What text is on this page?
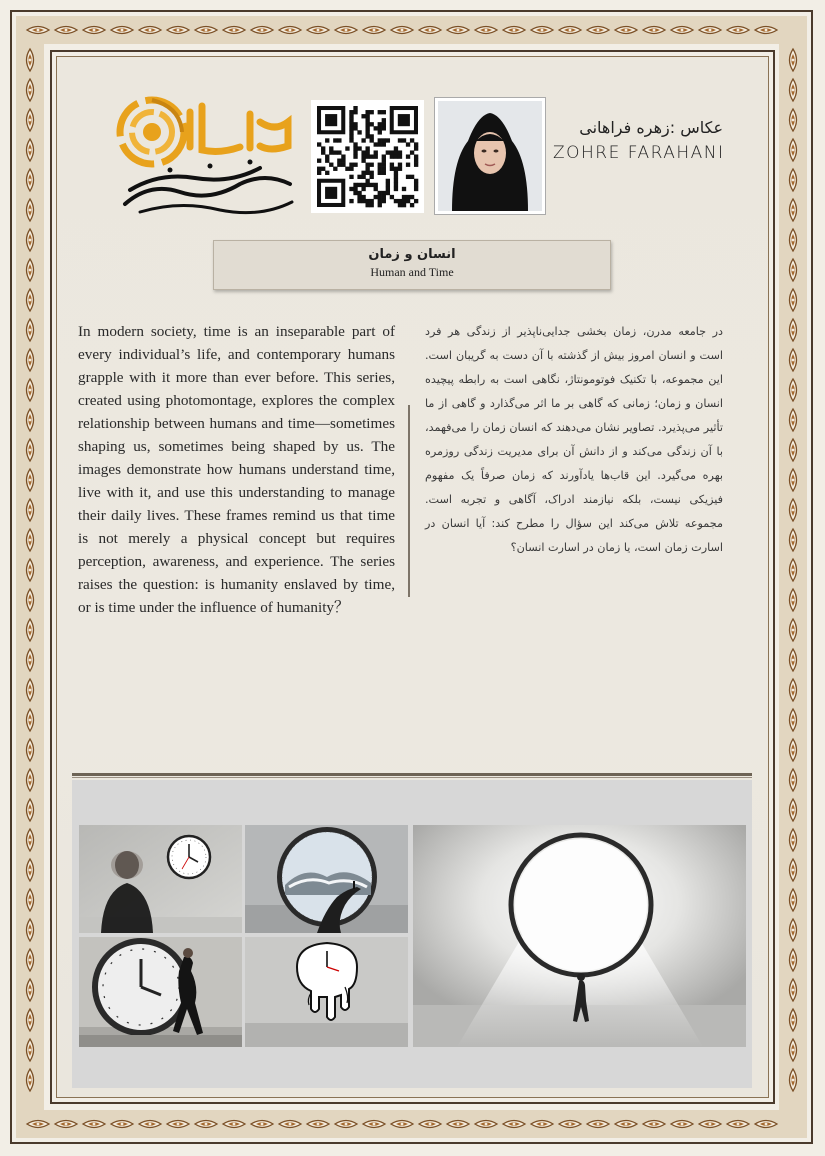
عکاس :زهره فراهانی
ZOHRE FARAHANI
انسان و زمان
Human and Time
In modern society, time is an inseparable part of every individual’s life, and contemporary humans grapple with it more than ever before. This series, created using photomontage, explores the complex relationship between humans and time—sometimes shaping us, sometimes being shaped by us. The images demonstrate how humans understand time, live with it, and use this understanding to manage their daily lives. These frames remind us that time is not merely a physical concept but requires perception, awareness, and experience. The series raises the question: is humanity enslaved by time, or is time under the influence of humanity？
در جامعه مدرن، زمان بخشی جدایی‌ناپذیر از زندگی هر فرد است و انسان امروز بیش از گذشته با آن دست به گریبان است. این مجموعه، با تکنیک فوتومونتاژ، نگاهی است به رابطه پیچیده انسان و زمان؛ زمانی که گاهی بر ما اثر می‌گذارد و گاهی از ما تأثیر می‌پذیرد. تصاویر نشان می‌دهند که انسان زمان را می‌فهمد، با آن زندگی می‌کند و از دانش آن برای مدیریت زندگی روزمره بهره می‌گیرد. این قاب‌ها یادآورند که زمان صرفاً یک مفهوم فیزیکی نیست، بلکه نیازمند ادراک، آگاهی و تجربه است. مجموعه تلاش می‌کند این سؤال را مطرح کند: آیا انسان در اسارت زمان است، یا زمان در اسارت انسان؟
